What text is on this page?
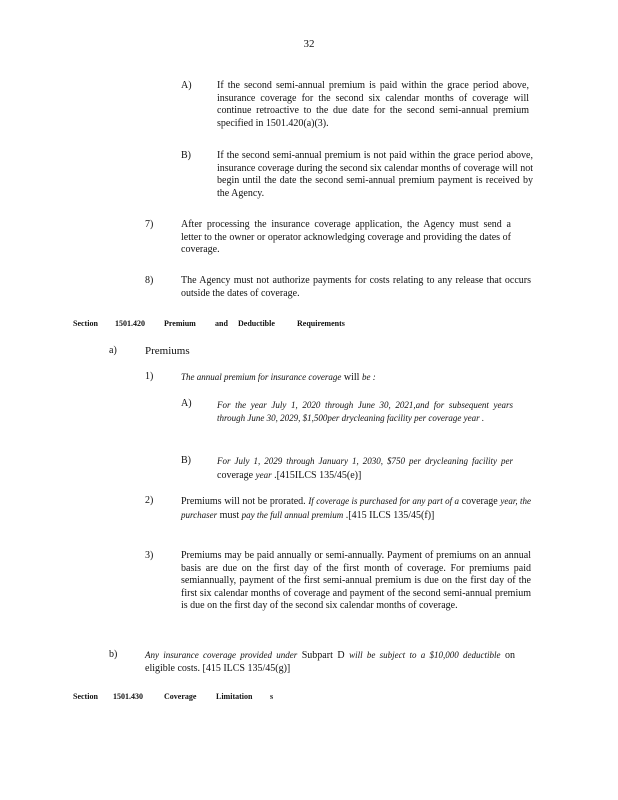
32
A)	If the second semi-annual premium is paid within the grace period above, insurance coverage for the second six calendar months of coverage will continue retroactive to the due date for the second semi-annual premium specified in 1501.420(a)(3).
B)	If the second semi-annual premium is not paid within the grace period above, insurance coverage during the second six calendar months of coverage will not begin until the date the second semi-annual premium payment is received by the Agency.
7)	After processing the insurance coverage application, the Agency must send a letter to the owner or operator acknowledging coverage and providing the dates of coverage.
8)	The Agency must not authorize payments for costs relating to any release that occurs outside the dates of coverage.
Section 1501.420 Premium and Deductible	Requirements
a)	Premiums
1)	The annual premium for insurance coverage will be :
A)	For the year July 1, 2020 through June 30, 2021,and for subsequent years through June 30, 2029, $1,500per drycleaning facility per coverage year .
B)	For July 1, 2029 through January 1, 2030, $750 per drycleaning facility per coverage year .[415ILCS 135/45(e)]
2)	Premiums will not be prorated. If coverage is purchased for any part of a coverage year, the purchaser must pay the full annual premium .[415 ILCS 135/45(f)]
3)	Premiums may be paid annually or semi-annually. Payment of premiums on an annual basis are due on the first day of the first month of coverage. For premiums paid semiannually, payment of the first semi-annual premium is due on the first day of the first six calendar months of coverage and payment of the second semi-annual premium is due on the first day of the second six calendar months of coverage.
b)	Any insurance coverage provided under Subpart D will be subject to a $10,000 deductible on eligible costs. [415 ILCS 135/45(g)]
Section 1501.430	Coverage Limitation s
